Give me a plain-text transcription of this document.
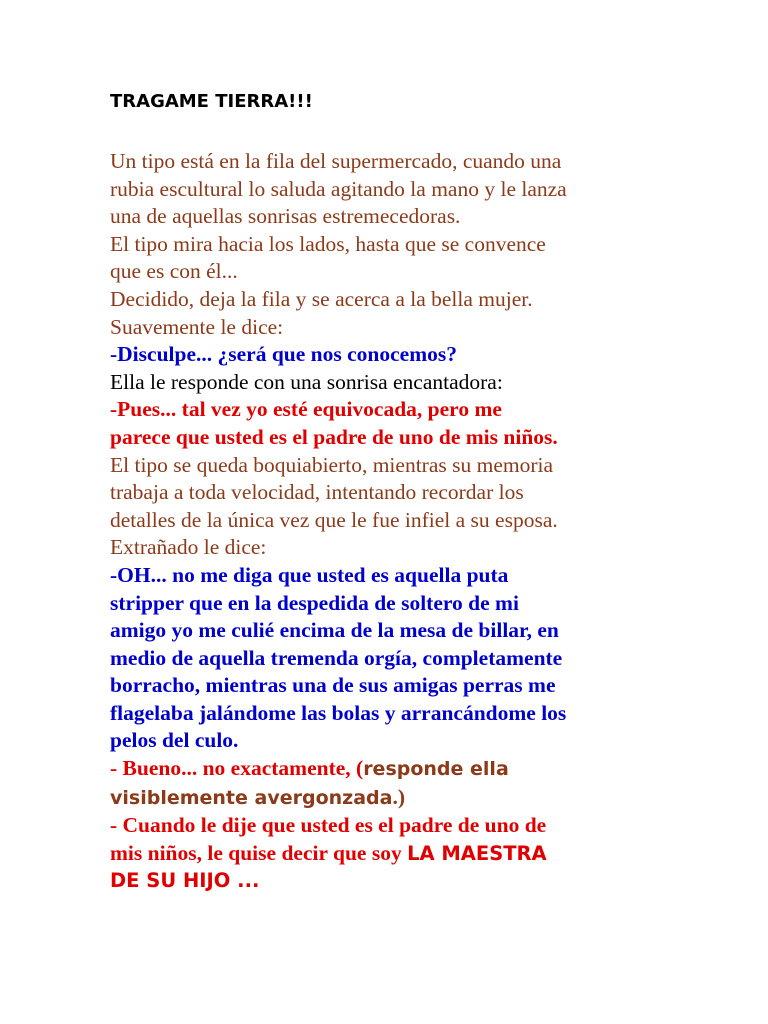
TRAGAME TIERRA!!!
Un tipo está en la fila del supermercado, cuando una
rubia escultural lo saluda agitando la mano y le lanza
una de aquellas sonrisas estremecedoras.
El tipo mira hacia los lados, hasta que se convence
que es con él...
Decidido, deja la fila y se acerca a la bella mujer.
Suavemente le dice:
-Disculpe... ¿será que nos conocemos?
Ella le responde con una sonrisa encantadora:
-Pues... tal vez yo esté equivocada, pero me
parece que usted es el padre de uno de mis niños.
El tipo se queda boquiabierto, mientras su memoria
trabaja a toda velocidad, intentando recordar los
detalles de la única vez que le fue infiel a su esposa.
Extrañado le dice:
-OH... no me diga que usted es aquella puta
stripper que en la despedida de soltero de mi
amigo yo me culié encima de la mesa de billar, en
medio de aquella tremenda orgía, completamente
borracho, mientras una de sus amigas perras me
flagelaba jalándome las bolas y arrancándome los
pelos del culo.
- Bueno... no exactamente, (responde ella
visiblemente avergonzada.)
- Cuando le dije que usted es el padre de uno de
mis niños, le quise decir que soy LA MAESTRA
DE SU HIJO ...
